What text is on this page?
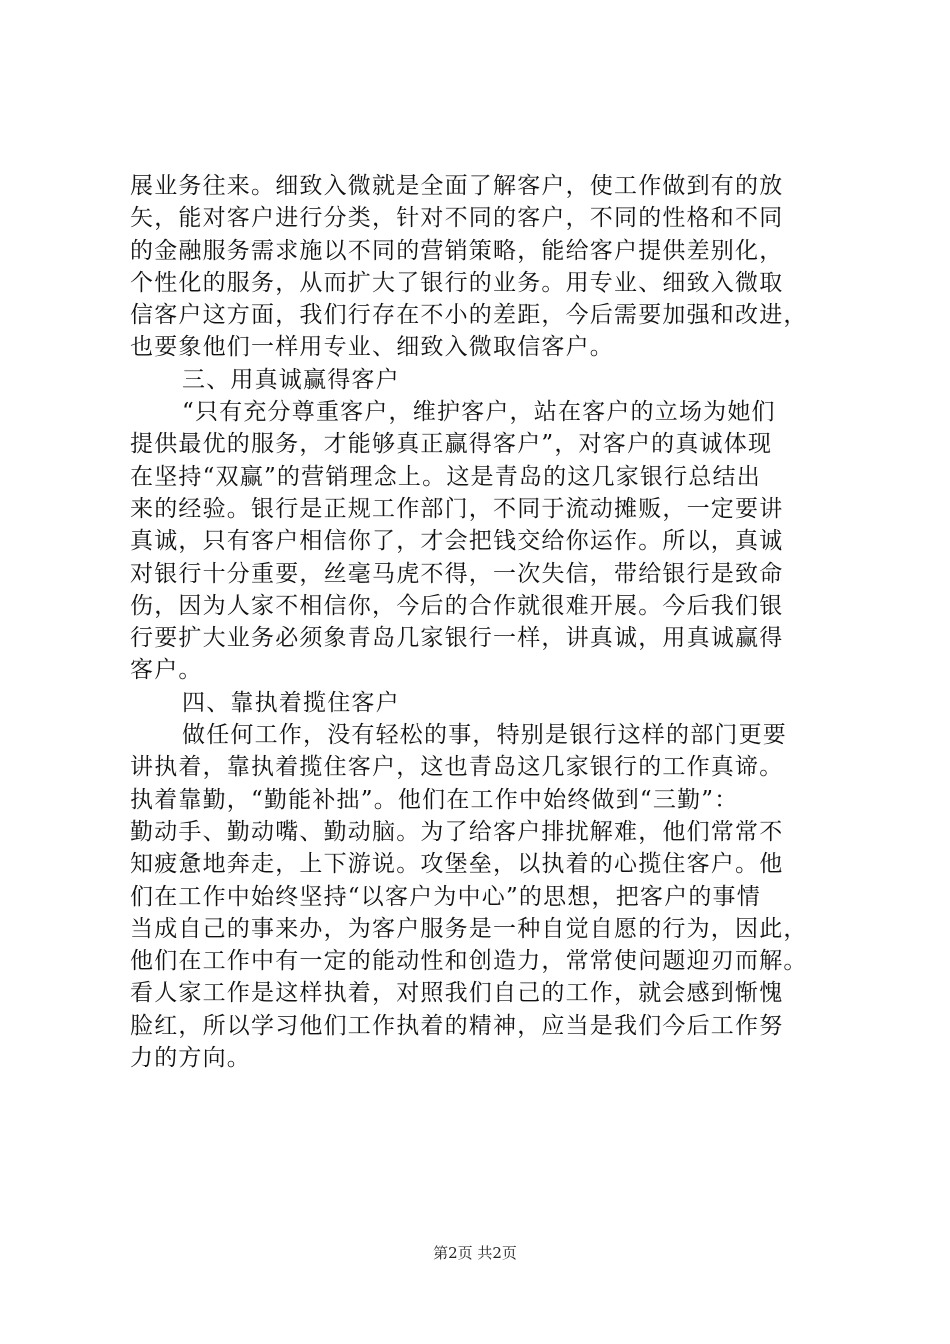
展业务往来。细致入微就是全面了解客户，使工作做到有的放
矢，能对客户进行分类，针对不同的客户，不同的性格和不同
的金融服务需求施以不同的营销策略，能给客户提供差别化，
个性化的服务，从而扩大了银行的业务。用专业、细致入微取
信客户这方面，我们行存在不小的差距，今后需要加强和改进，
也要象他们一样用专业、细致入微取信客户。
三、用真诚赢得客户
“只有充分尊重客户，维护客户，站在客户的立场为她们
提供最优的服务，才能够真正赢得客户”，对客户的真诚体现
在坚持“双赢”的营销理念上。这是青岛的这几家银行总结出
来的经验。银行是正规工作部门，不同于流动摊贩，一定要讲
真诚，只有客户相信你了，才会把钱交给你运作。所以，真诚
对银行十分重要，丝毫马虎不得，一次失信，带给银行是致命
伤，因为人家不相信你，今后的合作就很难开展。今后我们银
行要扩大业务必须象青岛几家银行一样，讲真诚，用真诚赢得
客户。
四、靠执着揽住客户
做任何工作，没有轻松的事，特别是银行这样的部门更要
讲执着，靠执着揽住客户，这也青岛这几家银行的工作真谛。
执着靠勤，“勤能补拙”。他们在工作中始终做到“三勤”：
勤动手、勤动嘴、勤动脑。为了给客户排扰解难，他们常常不
知疲惫地奔走，上下游说。攻堡垒，以执着的心揽住客户。他
们在工作中始终坚持“以客户为中心”的思想，把客户的事情
当成自己的事来办，为客户服务是一种自觉自愿的行为，因此，
他们在工作中有一定的能动性和创造力，常常使问题迎刃而解。
看人家工作是这样执着，对照我们自己的工作，就会感到惭愧
脸红，所以学习他们工作执着的精神，应当是我们今后工作努
力的方向。
第2页 共2页
